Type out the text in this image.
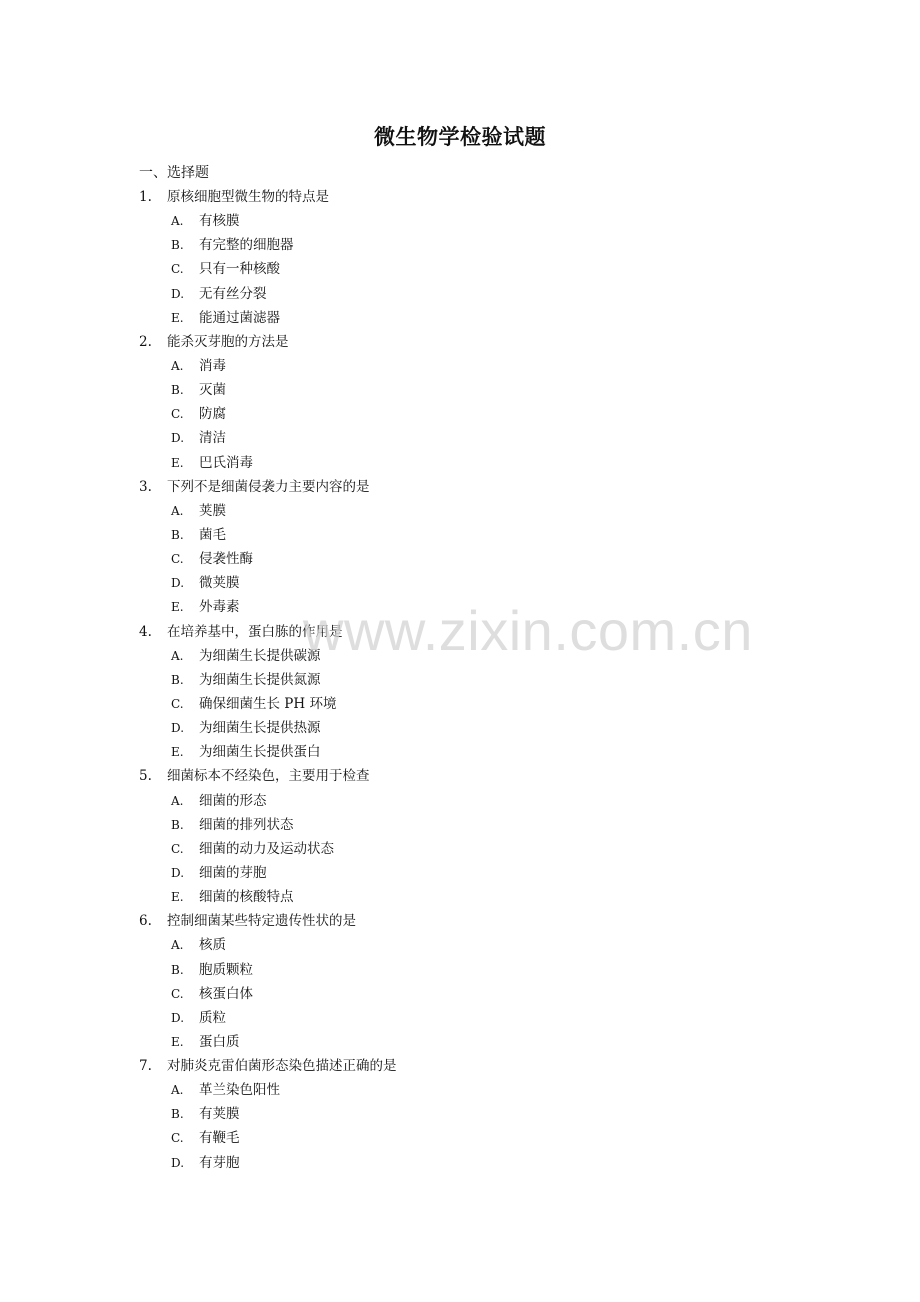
微生物学检验试题
一、选择题
1. 原核细胞型微生物的特点是
A. 有核膜
B. 有完整的细胞器
C. 只有一种核酸
D. 无有丝分裂
E. 能通过菌滤器
2. 能杀灭芽胞的方法是
A. 消毒
B. 灭菌
C. 防腐
D. 清洁
E. 巴氏消毒
3. 下列不是细菌侵袭力主要内容的是
A. 荚膜
B. 菌毛
C. 侵袭性酶
D. 微荚膜
E. 外毒素
4. 在培养基中，蛋白胨的作用是
A. 为细菌生长提供碳源
B. 为细菌生长提供氮源
C. 确保细菌生长 PH 环境
D. 为细菌生长提供热源
E. 为细菌生长提供蛋白
5. 细菌标本不经染色，主要用于检查
A. 细菌的形态
B. 细菌的排列状态
C. 细菌的动力及运动状态
D. 细菌的芽胞
E. 细菌的核酸特点
6. 控制细菌某些特定遗传性状的是
A. 核质
B. 胞质颗粒
C. 核蛋白体
D. 质粒
E. 蛋白质
7. 对肺炎克雷伯菌形态染色描述正确的是
A. 革兰染色阳性
B. 有荚膜
C. 有鞭毛
D. 有芽胞
www.zixin.com.cn
